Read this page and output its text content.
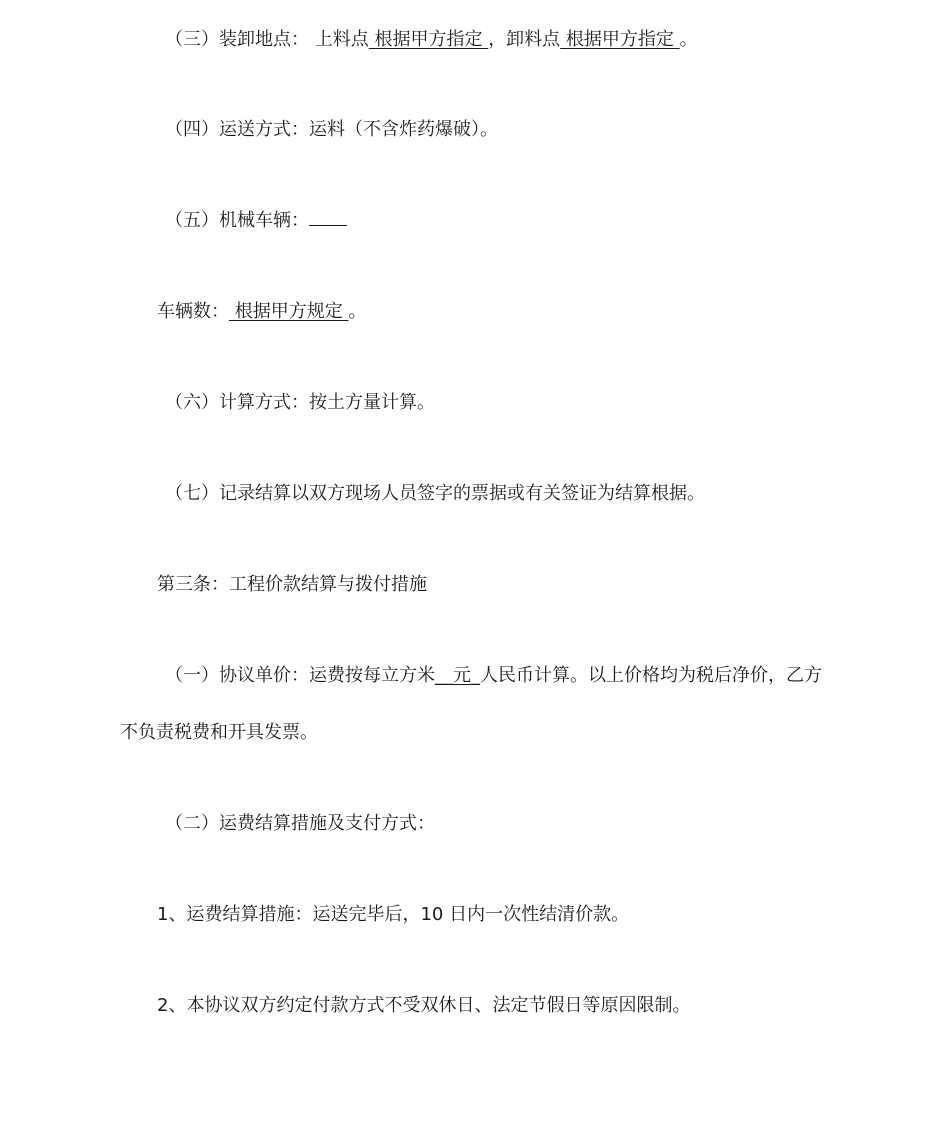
（三）装卸地点： 上料点 根据甲方指定 ，卸料点 根据甲方指定 。
（四）运送方式：运料（不含炸药爆破）。
（五）机械车辆：
车辆数： 根据甲方规定 。
（六）计算方式：按土方量计算。
（七）记录结算以双方现场人员签字的票据或有关签证为结算根据。
第三条：工程价款结算与拨付措施
（一）协议单价：运费按每立方米__元_人民币计算。以上价格均为税后净价，乙方
不负责税费和开具发票。
（二）运费结算措施及支付方式：
1、运费结算措施：运送完毕后，10 日内一次性结清价款。
2、本协议双方约定付款方式不受双休日、法定节假日等原因限制。
